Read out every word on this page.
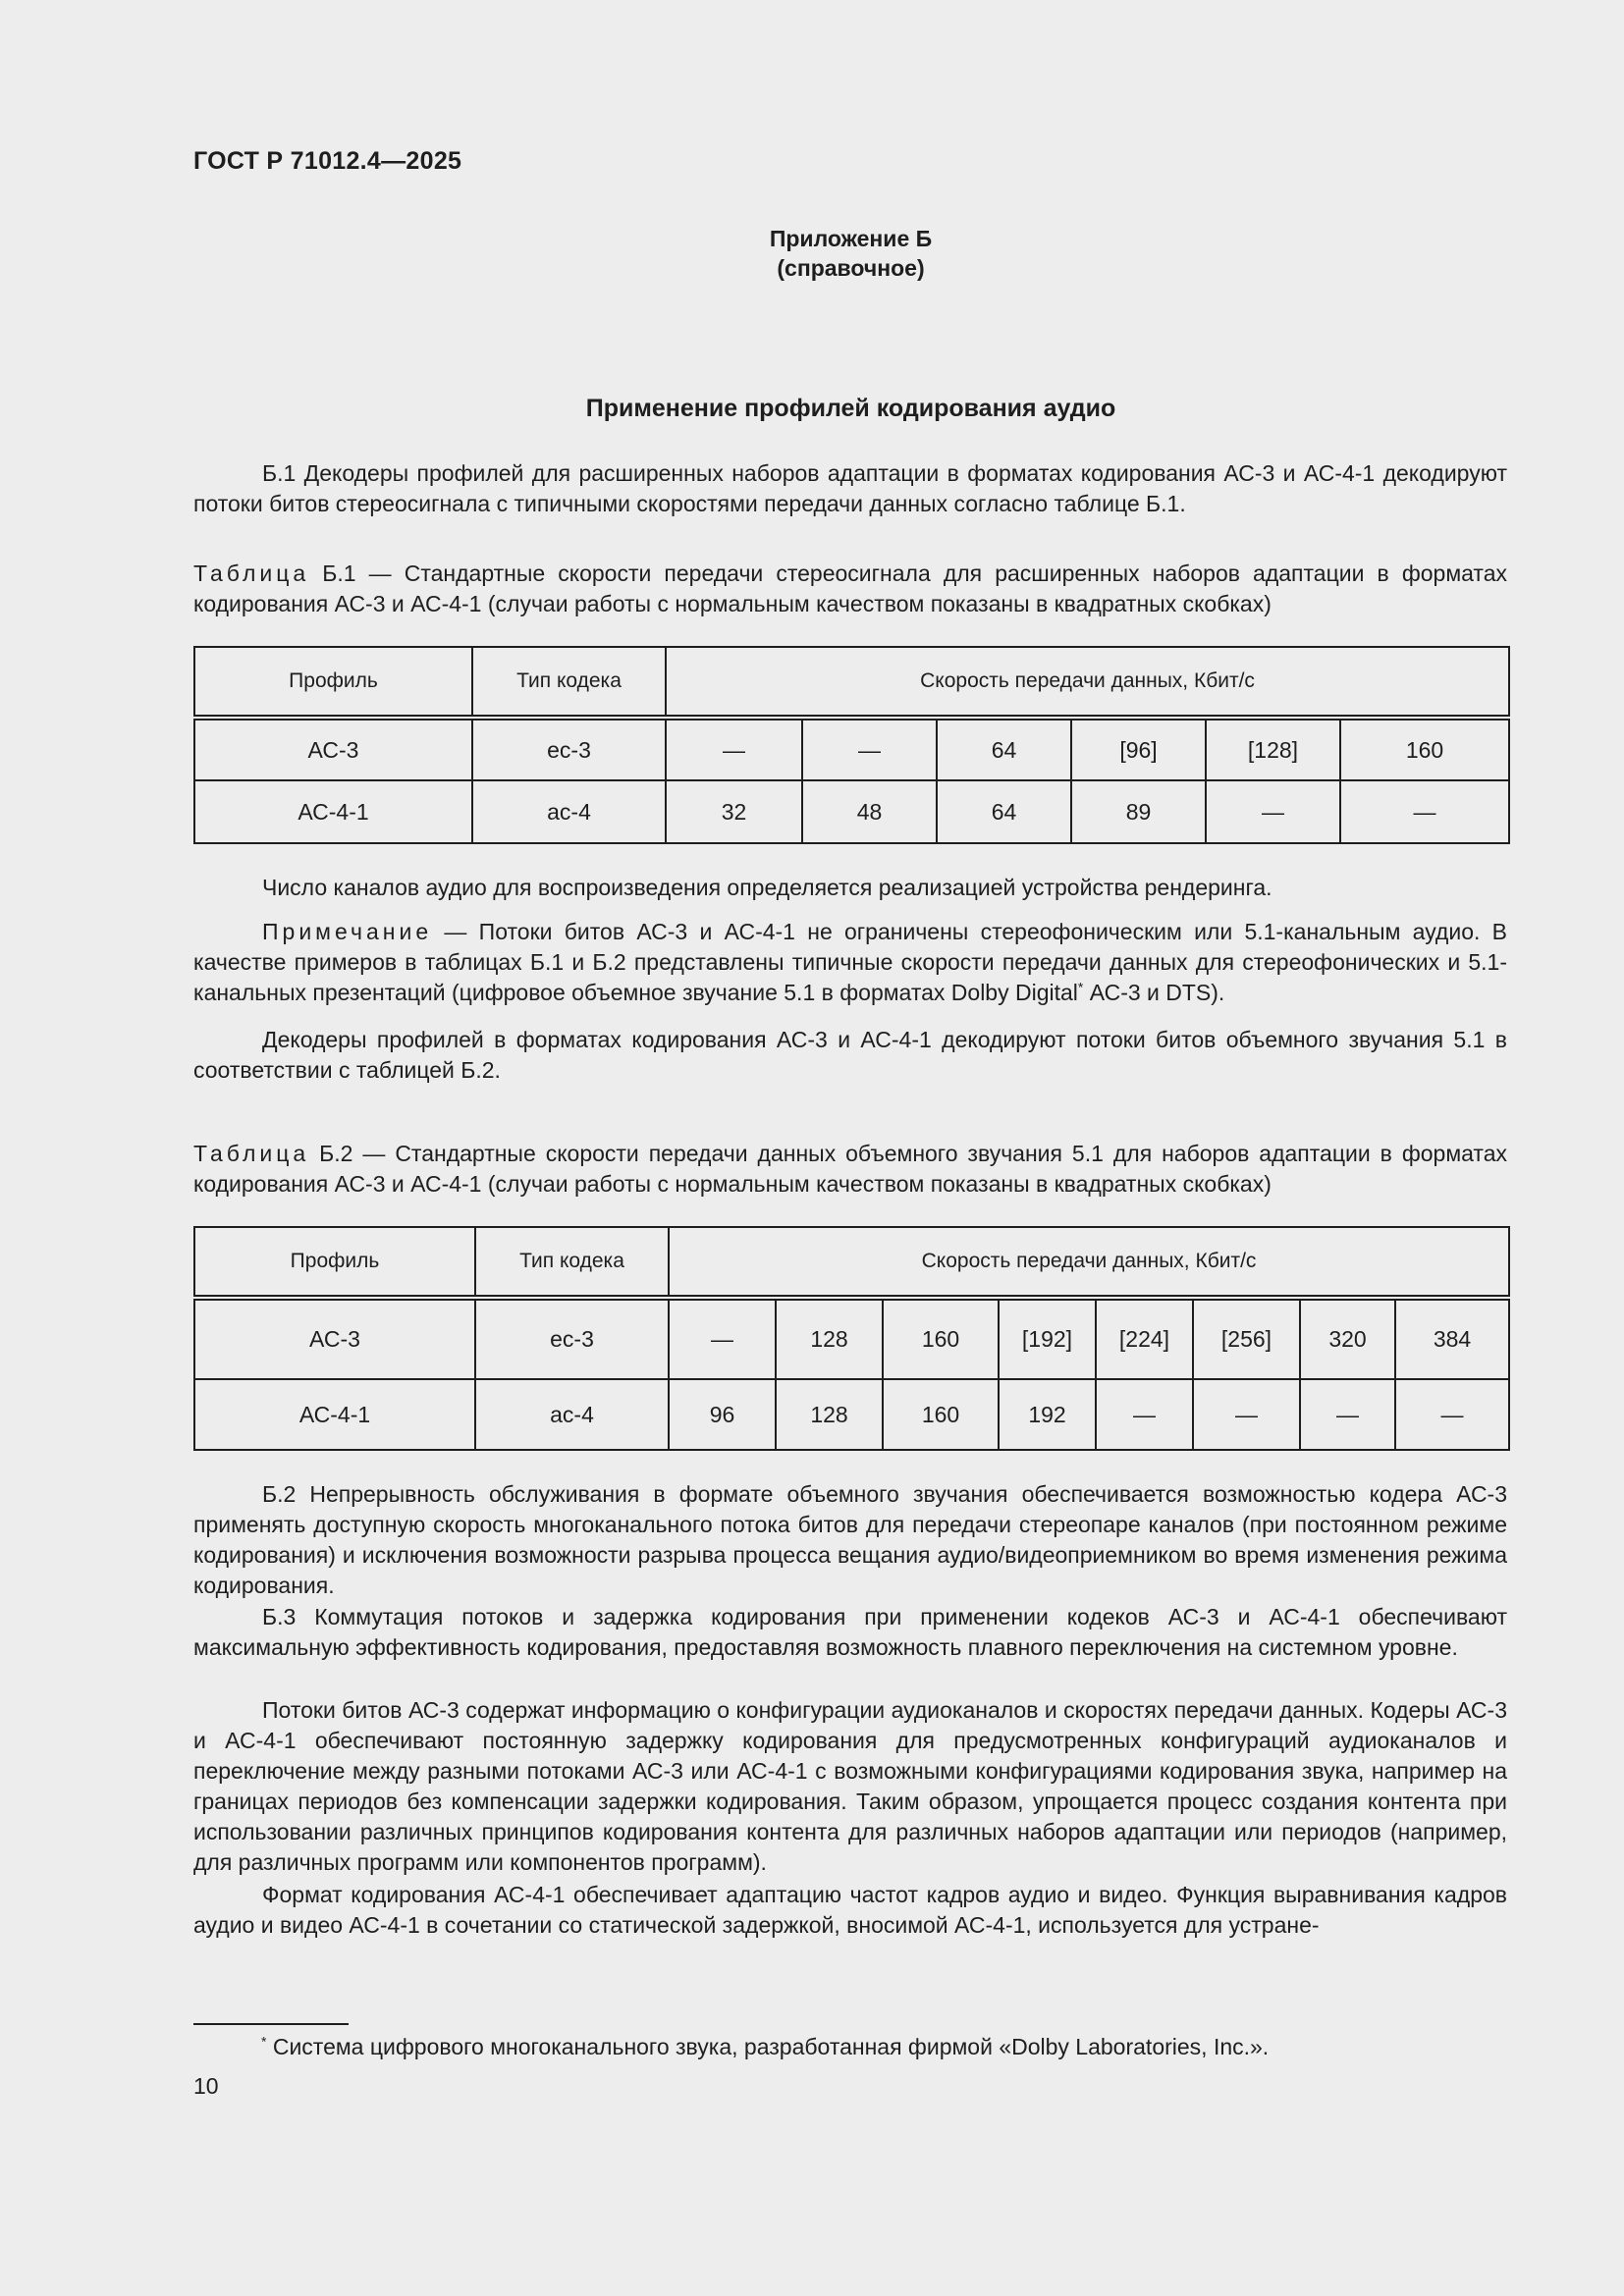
ГОСТ Р 71012.4—2025
Приложение Б
(справочное)
Применение профилей кодирования аудио
Б.1 Декодеры профилей для расширенных наборов адаптации в форматах кодирования АС-3 и АС-4-1 декодируют потоки битов стереосигнала с типичными скоростями передачи данных согласно таблице Б.1.
Таблица Б.1 — Стандартные скорости передачи стереосигнала для расширенных наборов адаптации в форматах кодирования АС-3 и АС-4-1 (случаи работы с нормальным качеством показаны в квадратных скобках)
Профиль	Тип кодека	Скорость передачи данных, Кбит/с					
АС-3	ес-3	—	—	64	[96]	[128]	160
АС-4-1	ас-4	32	48	64	89	—	—
Число каналов аудио для воспроизведения определяется реализацией устройства рендеринга.
Примечание — Потоки битов АС-3 и АС-4-1 не ограничены стереофоническим или 5.1-канальным аудио. В качестве примеров в таблицах Б.1 и Б.2 представлены типичные скорости передачи данных для стереофонических и 5.1-канальных презентаций (цифровое объемное звучание 5.1 в форматах Dolby Digital* АС-3 и DTS).
Декодеры профилей в форматах кодирования АС-3 и АС-4-1 декодируют потоки битов объемного звучания 5.1 в соответствии с таблицей Б.2.
Таблица Б.2 — Стандартные скорости передачи данных объемного звучания 5.1 для наборов адаптации в форматах кодирования АС-3 и АС-4-1 (случаи работы с нормальным качеством показаны в квадратных скобках)
Профиль	Тип кодека	Скорость передачи данных, Кбит/с							
АС-3	ес-3	—	128	160	[192]	[224]	[256]	320	384
АС-4-1	ас-4	96	128	160	192	—	—	—	—
Б.2 Непрерывность обслуживания в формате объемного звучания обеспечивается возможностью кодера АС-3 применять доступную скорость многоканального потока битов для передачи стереопаре каналов (при постоянном режиме кодирования) и исключения возможности разрыва процесса вещания аудио/видеоприемником во время изменения режима кодирования.
Б.3 Коммутация потоков и задержка кодирования при применении кодеков АС-3 и АС-4-1 обеспечивают максимальную эффективность кодирования, предоставляя возможность плавного переключения на системном уровне.
Потоки битов АС-3 содержат информацию о конфигурации аудиоканалов и скоростях передачи данных. Кодеры АС-3 и АС-4-1 обеспечивают постоянную задержку кодирования для предусмотренных конфигураций аудиоканалов и переключение между разными потоками АС-3 или АС-4-1 с возможными конфигурациями кодирования звука, например на границах периодов без компенсации задержки кодирования. Таким образом, упрощается процесс создания контента при использовании различных принципов кодирования контента для различных наборов адаптации или периодов (например, для различных программ или компонентов программ).
Формат кодирования АС-4-1 обеспечивает адаптацию частот кадров аудио и видео. Функция выравнивания кадров аудио и видео АС-4-1 в сочетании со статической задержкой, вносимой АС-4-1, используется для устране-
* Система цифрового многоканального звука, разработанная фирмой «Dolby Laboratories, Inc.».
10
